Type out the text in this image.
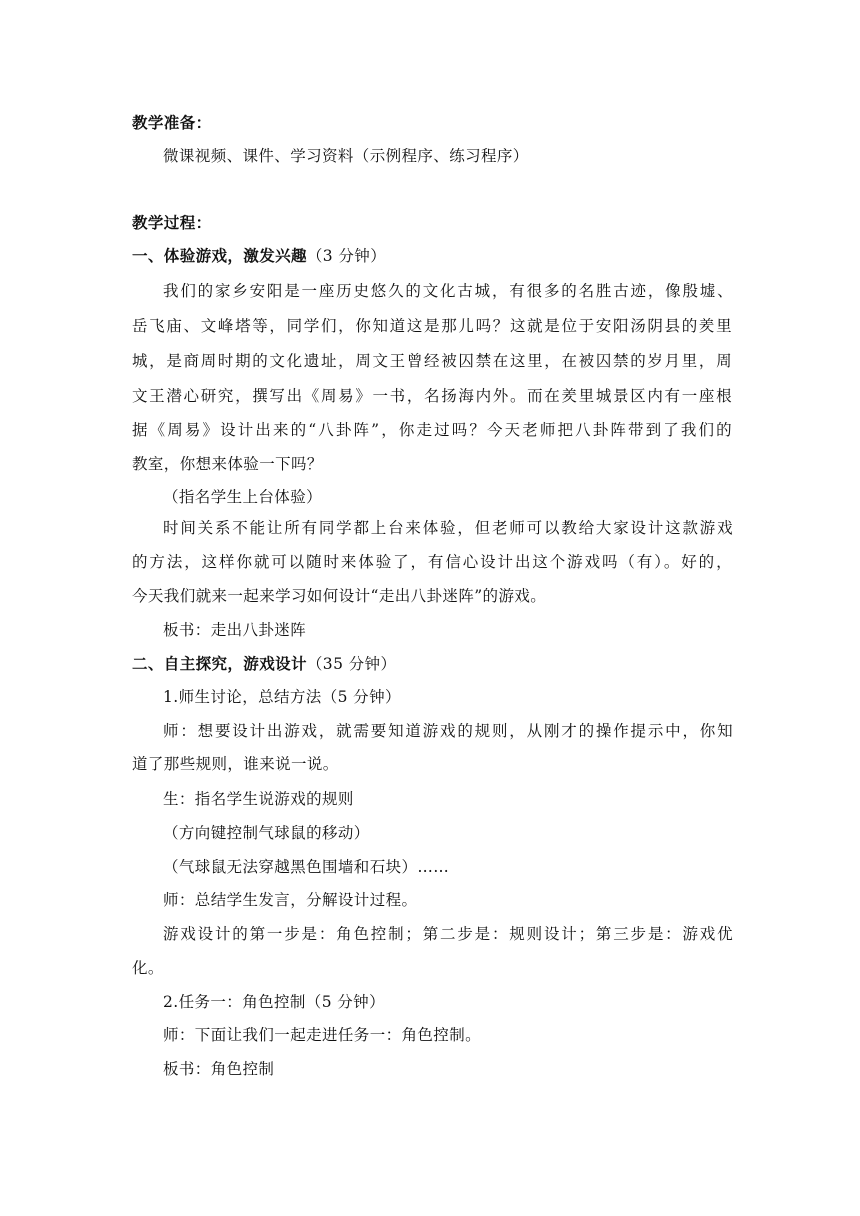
教学准备：
微课视频、课件、学习资料（示例程序、练习程序）
教学过程：
一、体验游戏，激发兴趣（3 分钟）
我们的家乡安阳是一座历史悠久的文化古城，有很多的名胜古迹，像殷墟、
岳飞庙、文峰塔等，同学们，你知道这是那儿吗？这就是位于安阳汤阴县的羑里
城，是商周时期的文化遗址，周文王曾经被囚禁在这里，在被囚禁的岁月里，周
文王潜心研究，撰写出《周易》一书，名扬海内外。而在羑里城景区内有一座根
据《周易》设计出来的“八卦阵”，你走过吗？今天老师把八卦阵带到了我们的
教室，你想来体验一下吗？
（指名学生上台体验）
时间关系不能让所有同学都上台来体验，但老师可以教给大家设计这款游戏
的方法，这样你就可以随时来体验了，有信心设计出这个游戏吗（有）。好的，
今天我们就来一起来学习如何设计“走出八卦迷阵”的游戏。
板书：走出八卦迷阵
二、自主探究，游戏设计（35 分钟）
1.师生讨论，总结方法（5 分钟）
师：想要设计出游戏，就需要知道游戏的规则，从刚才的操作提示中，你知
道了那些规则，谁来说一说。
生：指名学生说游戏的规则
（方向键控制气球鼠的移动）
（气球鼠无法穿越黑色围墙和石块）……
师：总结学生发言，分解设计过程。
游戏设计的第一步是：角色控制；第二步是：规则设计；第三步是：游戏优
化。
2.任务一：角色控制（5 分钟）
师：下面让我们一起走进任务一：角色控制。
板书：角色控制
